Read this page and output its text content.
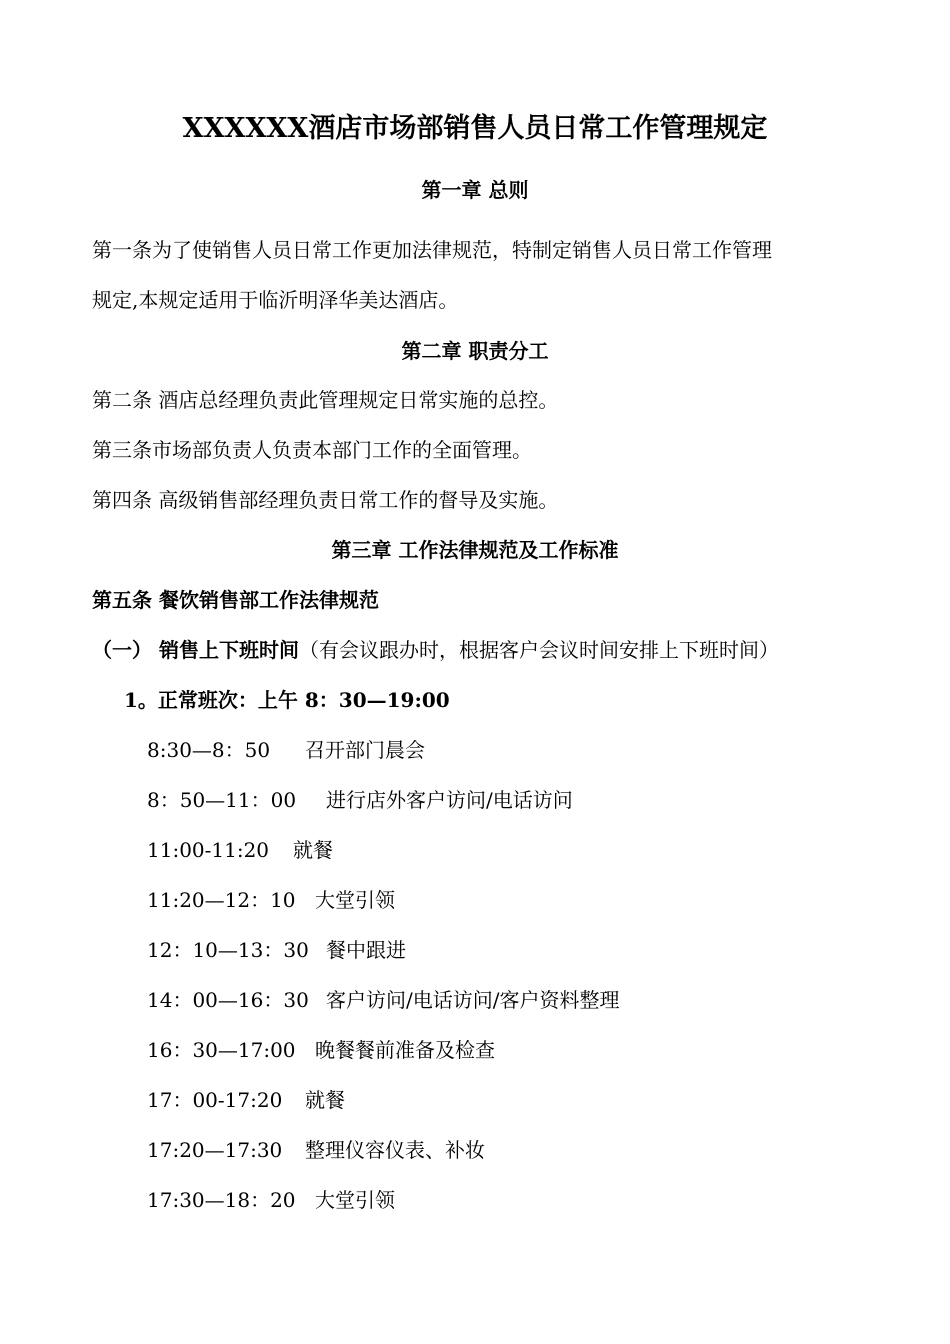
XXXXXX酒店市场部销售人员日常工作管理规定
第一章 总则
第一条为了使销售人员日常工作更加法律规范，特制定销售人员日常工作管理
规定,本规定适用于临沂明泽华美达酒店。
第二章 职责分工
第二条 酒店总经理负责此管理规定日常实施的总控。
第三条市场部负责人负责本部门工作的全面管理。
第四条 高级销售部经理负责日常工作的督导及实施。
第三章 工作法律规范及工作标准
第五条 餐饮销售部工作法律规范
（一） 销售上下班时间（有会议跟办时，根据客户会议时间安排上下班时间）
1。正常班次：上午 8：30—19:00
8:30—8：50 召开部门晨会
8：50—11：00 进行店外客户访问/电话访问
11:00-11:20 就餐
11:20—12：10 大堂引领
12：10—13：30 餐中跟进
14：00—16：30 客户访问/电话访问/客户资料整理
16：30—17:00 晚餐餐前准备及检查
17：00-17:20 就餐
17:20—17:30 整理仪容仪表、补妆
17:30—18：20 大堂引领
